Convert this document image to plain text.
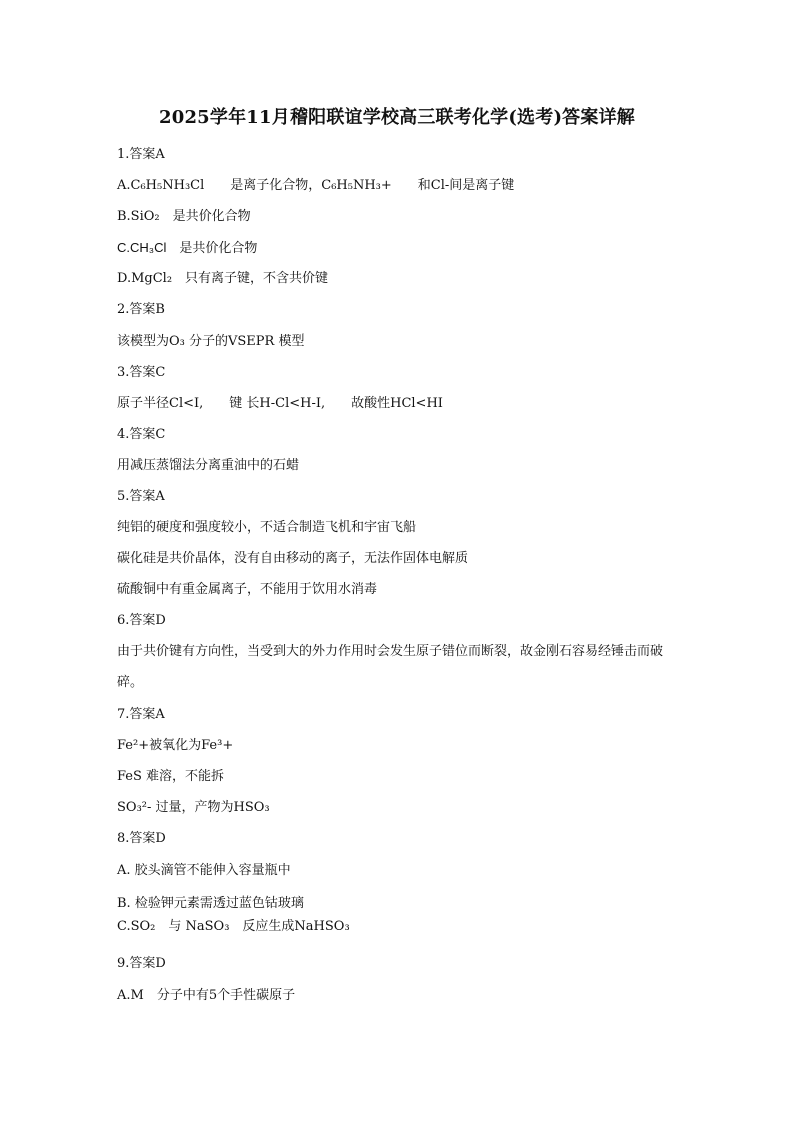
2025学年11月稽阳联谊学校高三联考化学(选考)答案详解
1.答案A
A.C₆H₅NH₃Cl　　是离子化合物，C₆H₅NH₃+　　和Cl-间是离子键
B.SiO₂　是共价化合物
C.CH₃Cl　是共价化合物
D.MgCl₂　只有离子键，不含共价键
2.答案B
该模型为O₃ 分子的VSEPR 模型
3.答案C
原子半径Cl<I,　　键 长H-Cl<H-I,　　故酸性HCl<HI
4.答案C
用减压蒸馏法分离重油中的石蜡
5.答案A
纯铝的硬度和强度较小，不适合制造飞机和宇宙飞船
碳化硅是共价晶体，没有自由移动的离子，无法作固体电解质
硫酸铜中有重金属离子，不能用于饮用水消毒
6.答案D
由于共价键有方向性，当受到大的外力作用时会发生原子错位而断裂，故金刚石容易经锤击而破碎。
7.答案A
Fe²+被氧化为Fe³+
FeS 难溶，不能拆
SO₃²- 过量，产物为HSO₃
8.答案D
A. 胶头滴管不能伸入容量瓶中
B. 检验钾元素需透过蓝色钴玻璃
C.SO₂　与 NaSO₃　反应生成NaHSO₃
9.答案D
A.M　分子中有5个手性碳原子
